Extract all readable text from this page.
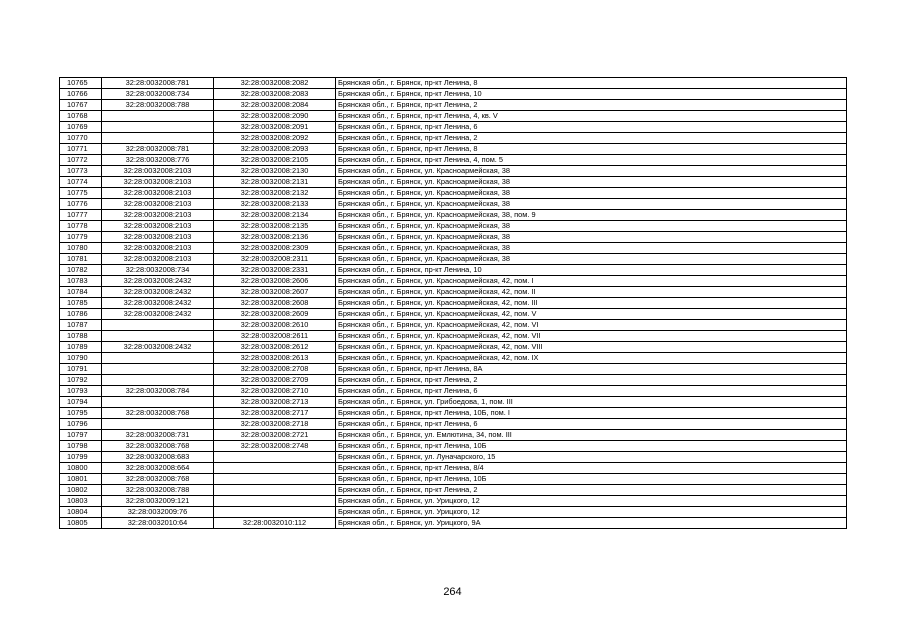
10765	32:28:0032008:781	32:28:0032008:2082	Брянская обл., г. Брянск, пр-кт Ленина, 8
10766	32:28:0032008:734	32:28:0032008:2083	Брянская обл., г. Брянск, пр-кт Ленина, 10
10767	32:28:0032008:788	32:28:0032008:2084	Брянская обл., г. Брянск, пр-кт Ленина, 2
10768		32:28:0032008:2090	Брянская обл., г. Брянск, пр-кт Ленина, 4, кв. V
10769		32:28:0032008:2091	Брянская обл., г. Брянск, пр-кт Ленина, 6
10770		32:28:0032008:2092	Брянская обл., г. Брянск, пр-кт Ленина, 2
10771	32:28:0032008:781	32:28:0032008:2093	Брянская обл., г. Брянск, пр-кт Ленина, 8
10772	32:28:0032008:776	32:28:0032008:2105	Брянская обл., г. Брянск, пр-кт Ленина, 4, пом. 5
10773	32:28:0032008:2103	32:28:0032008:2130	Брянская обл., г. Брянск, ул. Красноармейская, 38
10774	32:28:0032008:2103	32:28:0032008:2131	Брянская обл., г. Брянск, ул. Красноармейская, 38
10775	32:28:0032008:2103	32:28:0032008:2132	Брянская обл., г. Брянск, ул. Красноармейская, 38
10776	32:28:0032008:2103	32:28:0032008:2133	Брянская обл., г. Брянск, ул. Красноармейская, 38
10777	32:28:0032008:2103	32:28:0032008:2134	Брянская обл., г. Брянск, ул. Красноармейская, 38, пом. 9
10778	32:28:0032008:2103	32:28:0032008:2135	Брянская обл., г. Брянск, ул. Красноармейская, 38
10779	32:28:0032008:2103	32:28:0032008:2136	Брянская обл., г. Брянск, ул. Красноармейская, 38
10780	32:28:0032008:2103	32:28:0032008:2309	Брянская обл., г. Брянск, ул. Красноармейская, 38
10781	32:28:0032008:2103	32:28:0032008:2311	Брянская обл., г. Брянск, ул. Красноармейская, 38
10782	32:28:0032008:734	32:28:0032008:2331	Брянская обл., г. Брянск, пр-кт Ленина, 10
10783	32:28:0032008:2432	32:28:0032008:2606	Брянская обл., г. Брянск, ул. Красноармейская, 42, пом. I
10784	32:28:0032008:2432	32:28:0032008:2607	Брянская обл., г. Брянск, ул. Красноармейская, 42, пом. II
10785	32:28:0032008:2432	32:28:0032008:2608	Брянская обл., г. Брянск, ул. Красноармейская, 42, пом. III
10786	32:28:0032008:2432	32:28:0032008:2609	Брянская обл., г. Брянск, ул. Красноармейская, 42, пом. V
10787		32:28:0032008:2610	Брянская обл., г. Брянск, ул. Красноармейская, 42, пом. VI
10788		32:28:0032008:2611	Брянская обл., г. Брянск, ул. Красноармейская, 42, пом. VII
10789	32:28:0032008:2432	32:28:0032008:2612	Брянская обл., г. Брянск, ул. Красноармейская, 42, пом. VIII
10790		32:28:0032008:2613	Брянская обл., г. Брянск, ул. Красноармейская, 42, пом. IX
10791		32:28:0032008:2708	Брянская обл., г. Брянск, пр-кт Ленина, 8А
10792		32:28:0032008:2709	Брянская обл., г. Брянск, пр-кт Ленина, 2
10793	32:28:0032008:784	32:28:0032008:2710	Брянская обл., г. Брянск, пр-кт Ленина, 6
10794		32:28:0032008:2713	Брянская обл., г. Брянск, ул. Грибоедова, 1, пом. III
10795	32:28:0032008:768	32:28:0032008:2717	Брянская обл., г. Брянск, пр-кт Ленина, 10Б, пом. I
10796		32:28:0032008:2718	Брянская обл., г. Брянск, пр-кт Ленина, 6
10797	32:28:0032008:731	32:28:0032008:2721	Брянская обл., г. Брянск, ул. Емлютина, 34, пом. III
10798	32:28:0032008:768	32:28:0032008:2748	Брянская обл., г. Брянск, пр-кт Ленина, 10Б
10799	32:28:0032008:683		Брянская обл., г. Брянск, ул. Луначарского, 15
10800	32:28:0032008:664		Брянская обл., г. Брянск, пр-кт Ленина, 8/4
10801	32:28:0032008:768		Брянская обл., г. Брянск, пр-кт Ленина, 10Б
10802	32:28:0032008:788		Брянская обл., г. Брянск, пр-кт Ленина, 2
10803	32:28:0032009:121		Брянская обл., г. Брянск, ул. Урицкого, 12
10804	32:28:0032009:76		Брянская обл., г. Брянск, ул. Урицкого, 12
10805	32:28:0032010:64	32:28:0032010:112	Брянская обл., г. Брянск, ул. Урицкого, 9А
264
